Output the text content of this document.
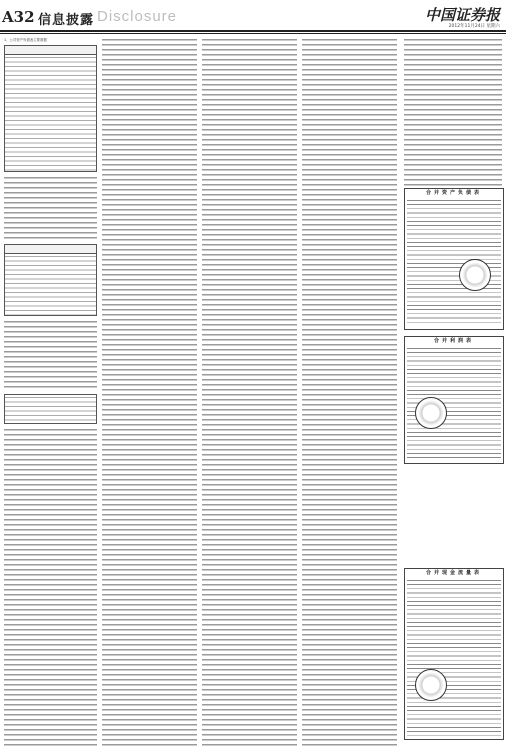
A32 信息披露 Disclosure	中国证券报
2012年11月24日 星期六
1、公司资产负债表主要数据
合并资产负债表
合并利润表
合并现金流量表
